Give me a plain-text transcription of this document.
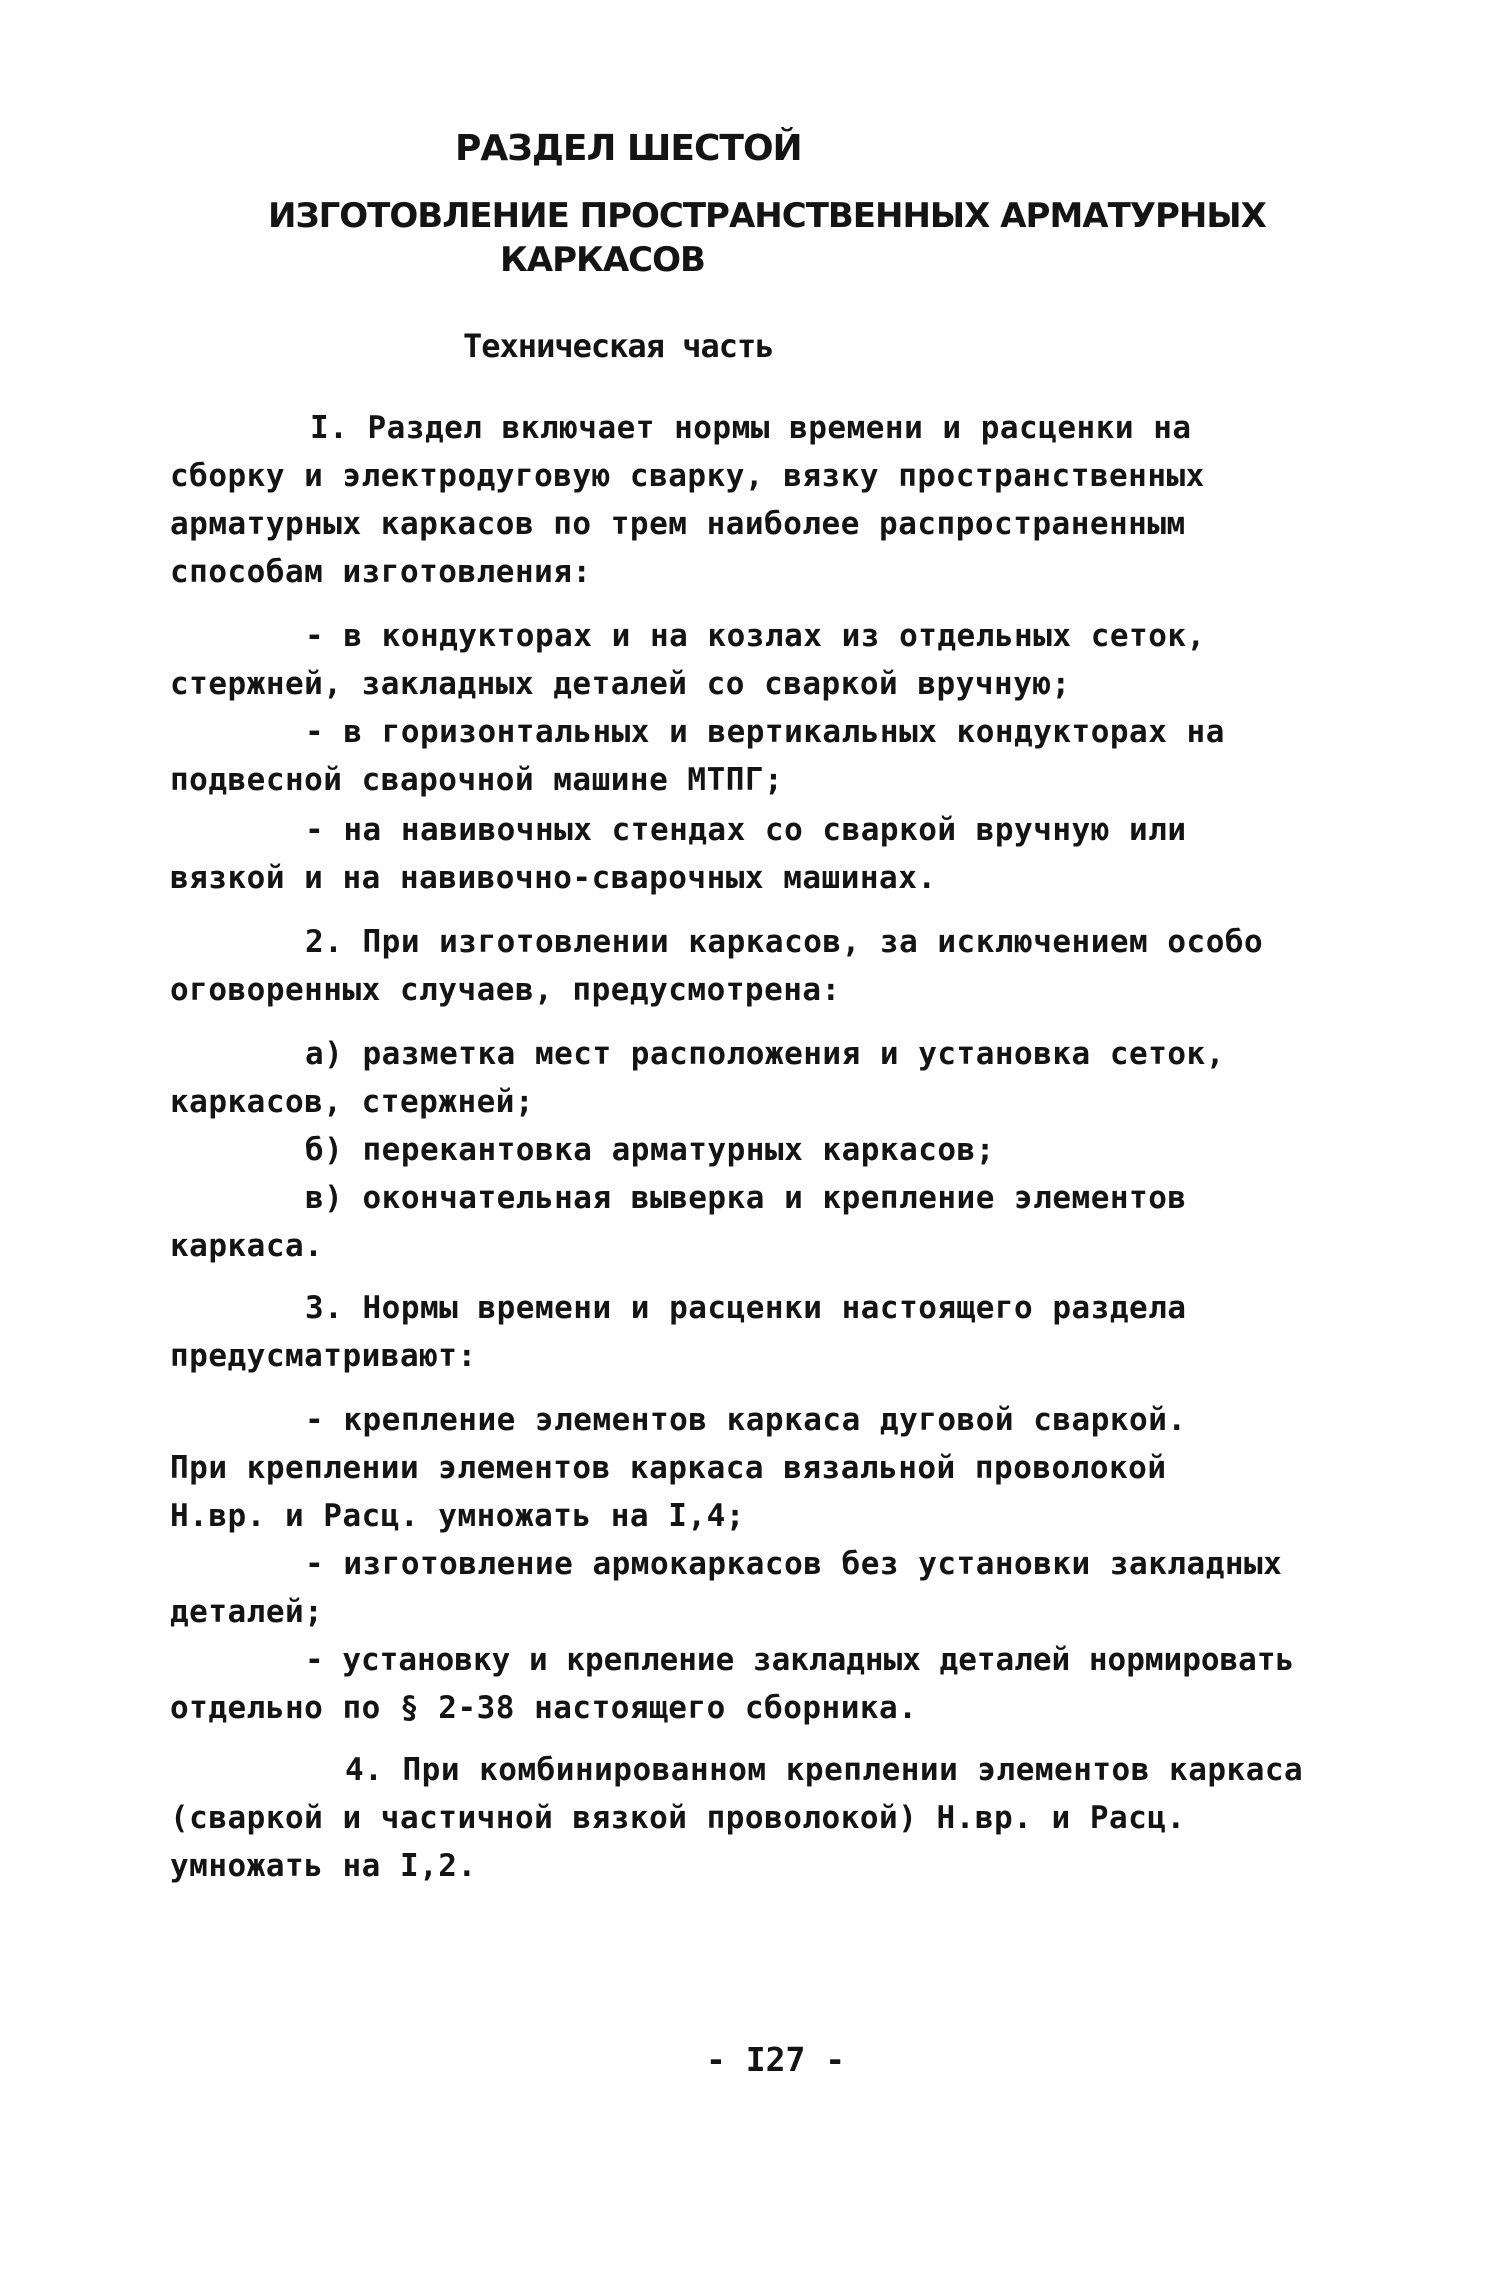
РАЗДЕЛ ШЕСТОЙ
ИЗГОТОВЛЕНИЕ ПРОСТРАНСТВЕННЫХ АРМАТУРНЫХ
КАРКАСОВ
Техническая часть
I. Раздел включает нормы времени и расценки на
сборку и электродуговую сварку, вязку пространственных
арматурных каркасов по трем наиболее распространенным
способам изготовления:
- в кондукторах и на козлах из отдельных сеток,
стержней, закладных деталей со сваркой вручную;
- в горизонтальных и вертикальных кондукторах на
подвесной сварочной машине МТПГ;
- на навивочных стендах со сваркой вручную или
вязкой и на навивочно-сварочных машинах.
2. При изготовлении каркасов, за исключением особо
оговоренных случаев, предусмотрена:
а) разметка мест расположения и установка сеток,
каркасов, стержней;
б) перекантовка арматурных каркасов;
в) окончательная выверка и крепление элементов
каркаса.
3. Нормы времени и расценки настоящего раздела
предусматривают:
- крепление элементов каркаса дуговой сваркой.
При креплении элементов каркаса вязальной проволокой
Н.вр. и Расц. умножать на I,4;
- изготовление армокаркасов без установки закладных
деталей;
- установку и крепление закладных деталей нормировать
отдельно по § 2-38 настоящего сборника.
4. При комбинированном креплении элементов каркаса
(сваркой и частичной вязкой проволокой) Н.вр. и Расц.
умножать на I,2.
- I27 -
